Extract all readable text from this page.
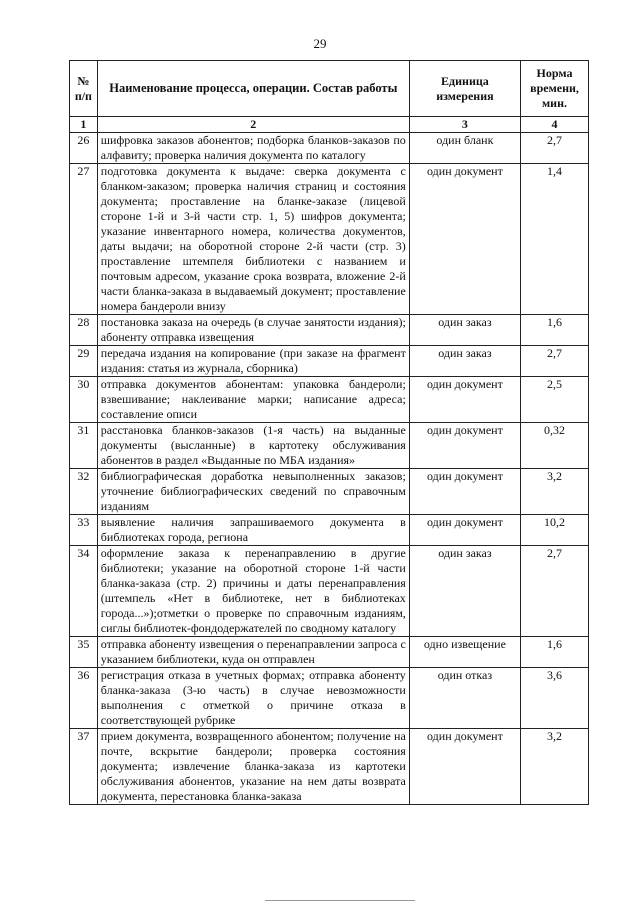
29
№ п/п	Наименование процесса, операции. Состав работы	Единица измерения	Норма времени, мин.
1	2	3	4
26	шифровка заказов абонентов; подборка бланков-заказов по алфавиту; проверка наличия документа по каталогу	один бланк	2,7
27	подготовка документа к выдаче: сверка документа с бланком-заказом; проверка наличия страниц и состояния документа; проставление на бланке-заказе (лицевой стороне 1-й и 3-й части стр. 1, 5) шифров документа; указание инвентарного номера, количества документов, даты выдачи; на оборотной стороне 2-й части (стр. 3) проставление штемпеля библиотеки с названием и почтовым адресом, указание срока возврата, вложение 2-й части бланка-заказа в выдаваемый документ; проставление номера бандероли внизу	один документ	1,4
28	постановка заказа на очередь (в случае занятости издания); абоненту отправка извещения	один заказ	1,6
29	передача издания на копирование (при заказе на фрагмент издания: статья из журнала, сборника)	один заказ	2,7
30	отправка документов абонентам: упаковка бандероли; взвешивание; наклеивание марки; написание адреса; составление описи	один документ	2,5
31	расстановка бланков-заказов (1-я часть) на выданные документы (высланные) в картотеку обслуживания абонентов в раздел «Выданные по МБА издания»	один документ	0,32
32	библиографическая доработка невыполненных заказов; уточнение библиографических сведений по справочным изданиям	один документ	3,2
33	выявление наличия запрашиваемого документа в библиотеках города, региона	один документ	10,2
34	оформление заказа к перенаправлению в другие библиотеки; указание на оборотной стороне 1-й части бланка-заказа (стр. 2) причины и даты перенаправления (штемпель «Нет в библиотеке, нет в библиотеках города...»);отметки о проверке по справочным изданиям, сиглы библиотек-фондодержателей по сводному каталогу	один заказ	2,7
35	отправка абоненту извещения о перенаправлении запроса с указанием библиотеки, куда он отправлен	одно извещение	1,6
36	регистрация отказа в учетных формах; отправка абоненту бланка-заказа (3-ю часть) в случае невозможности выполнения с отметкой о причине отказа в соответствующей рубрике	один отказ	3,6
37	прием документа, возвращенного абонентом; получение на почте, вскрытие бандероли; проверка состояния документа; извлечение бланка-заказа из картотеки обслуживания абонентов, указание на нем даты возврата документа, перестановка бланка-заказа	один документ	3,2
